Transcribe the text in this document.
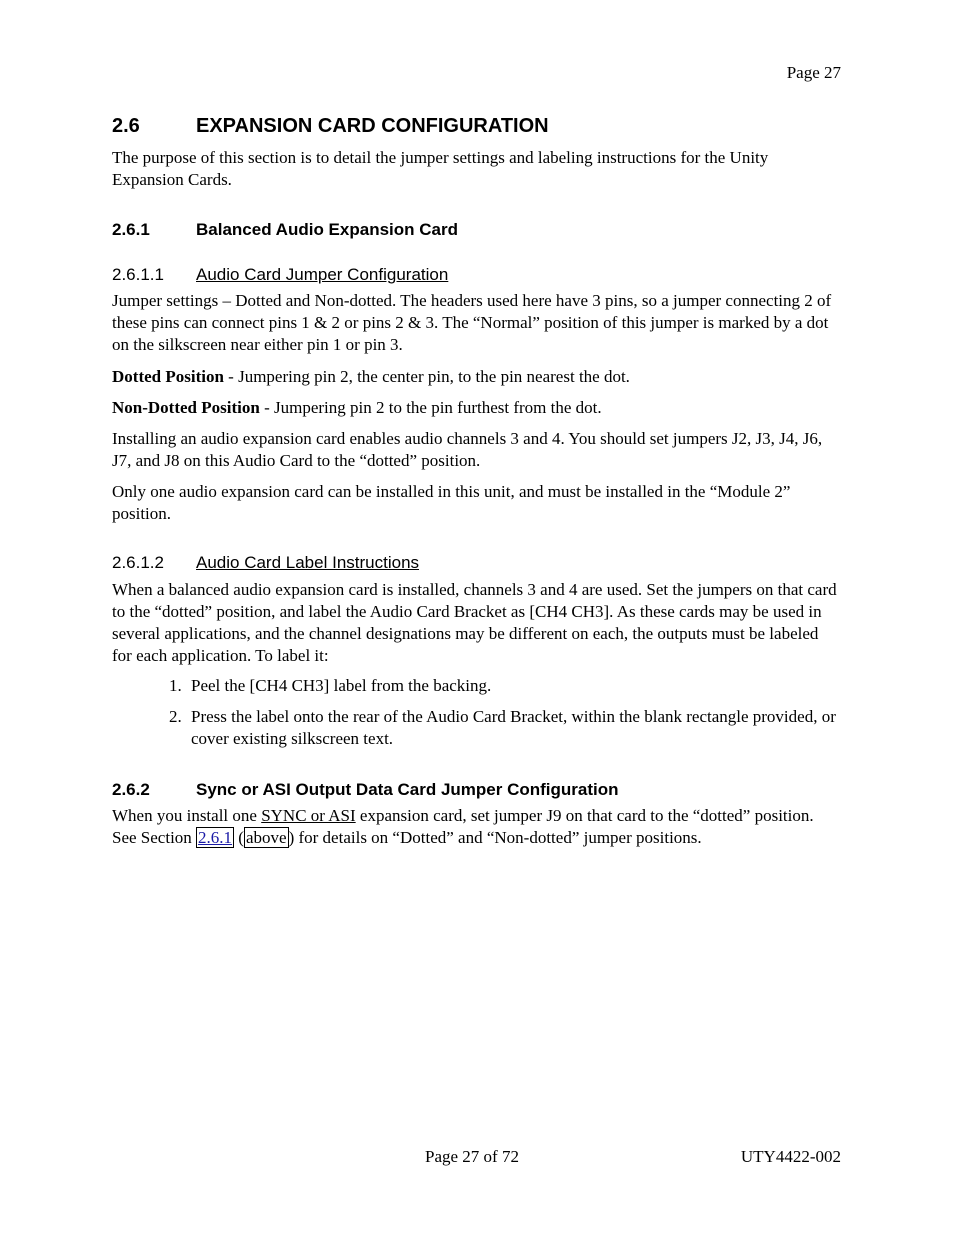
Page 27
2.6	EXPANSION CARD CONFIGURATION

The purpose of this section is to detail the jumper settings and labeling instructions for the Unity Expansion Cards.

2.6.1	Balanced Audio Expansion Card
2.6.1.1 Audio Card Jumper Configuration

Jumper settings – Dotted and Non-dotted. The headers used here have 3 pins, so a jumper connecting 2 of these pins can connect pins 1 & 2 or pins 2 & 3. The “Normal” position of this jumper is marked by a dot on the silkscreen near either pin 1 or pin 3.

Dotted Position - Jumpering pin 2, the center pin, to the pin nearest the dot.

Non-Dotted Position - Jumpering pin 2 to the pin furthest from the dot.

Installing an audio expansion card enables audio channels 3 and 4. You should set jumpers J2, J3, J4, J6, J7, and J8 on this Audio Card to the “dotted” position.

Only one audio expansion card can be installed in this unit, and must be installed in the “Module 2” position.

2.6.1.2 Audio Card Label Instructions

When a balanced audio expansion card is installed, channels 3 and 4 are used. Set the jumpers on that card to the “dotted” position, and label the Audio Card Bracket as [CH4 CH3]. As these cards may be used in several applications, and the channel designations may be different on each, the outputs must be labeled for each application. To label it:

1. Peel the [CH4 CH3] label from the backing.
2. Press the label onto the rear of the Audio Card Bracket, within the blank rectangle provided, or cover existing silkscreen text.
2.6.2	Sync or ASI Output Data Card Jumper Configuration

When you install one SYNC or ASI expansion card, set jumper J9 on that card to the “dotted” position. See Section 2.6.1 ( above ) for details on “Dotted” and “Non-dotted” jumper positions.

Page 27 of 72	UTY4422-002
